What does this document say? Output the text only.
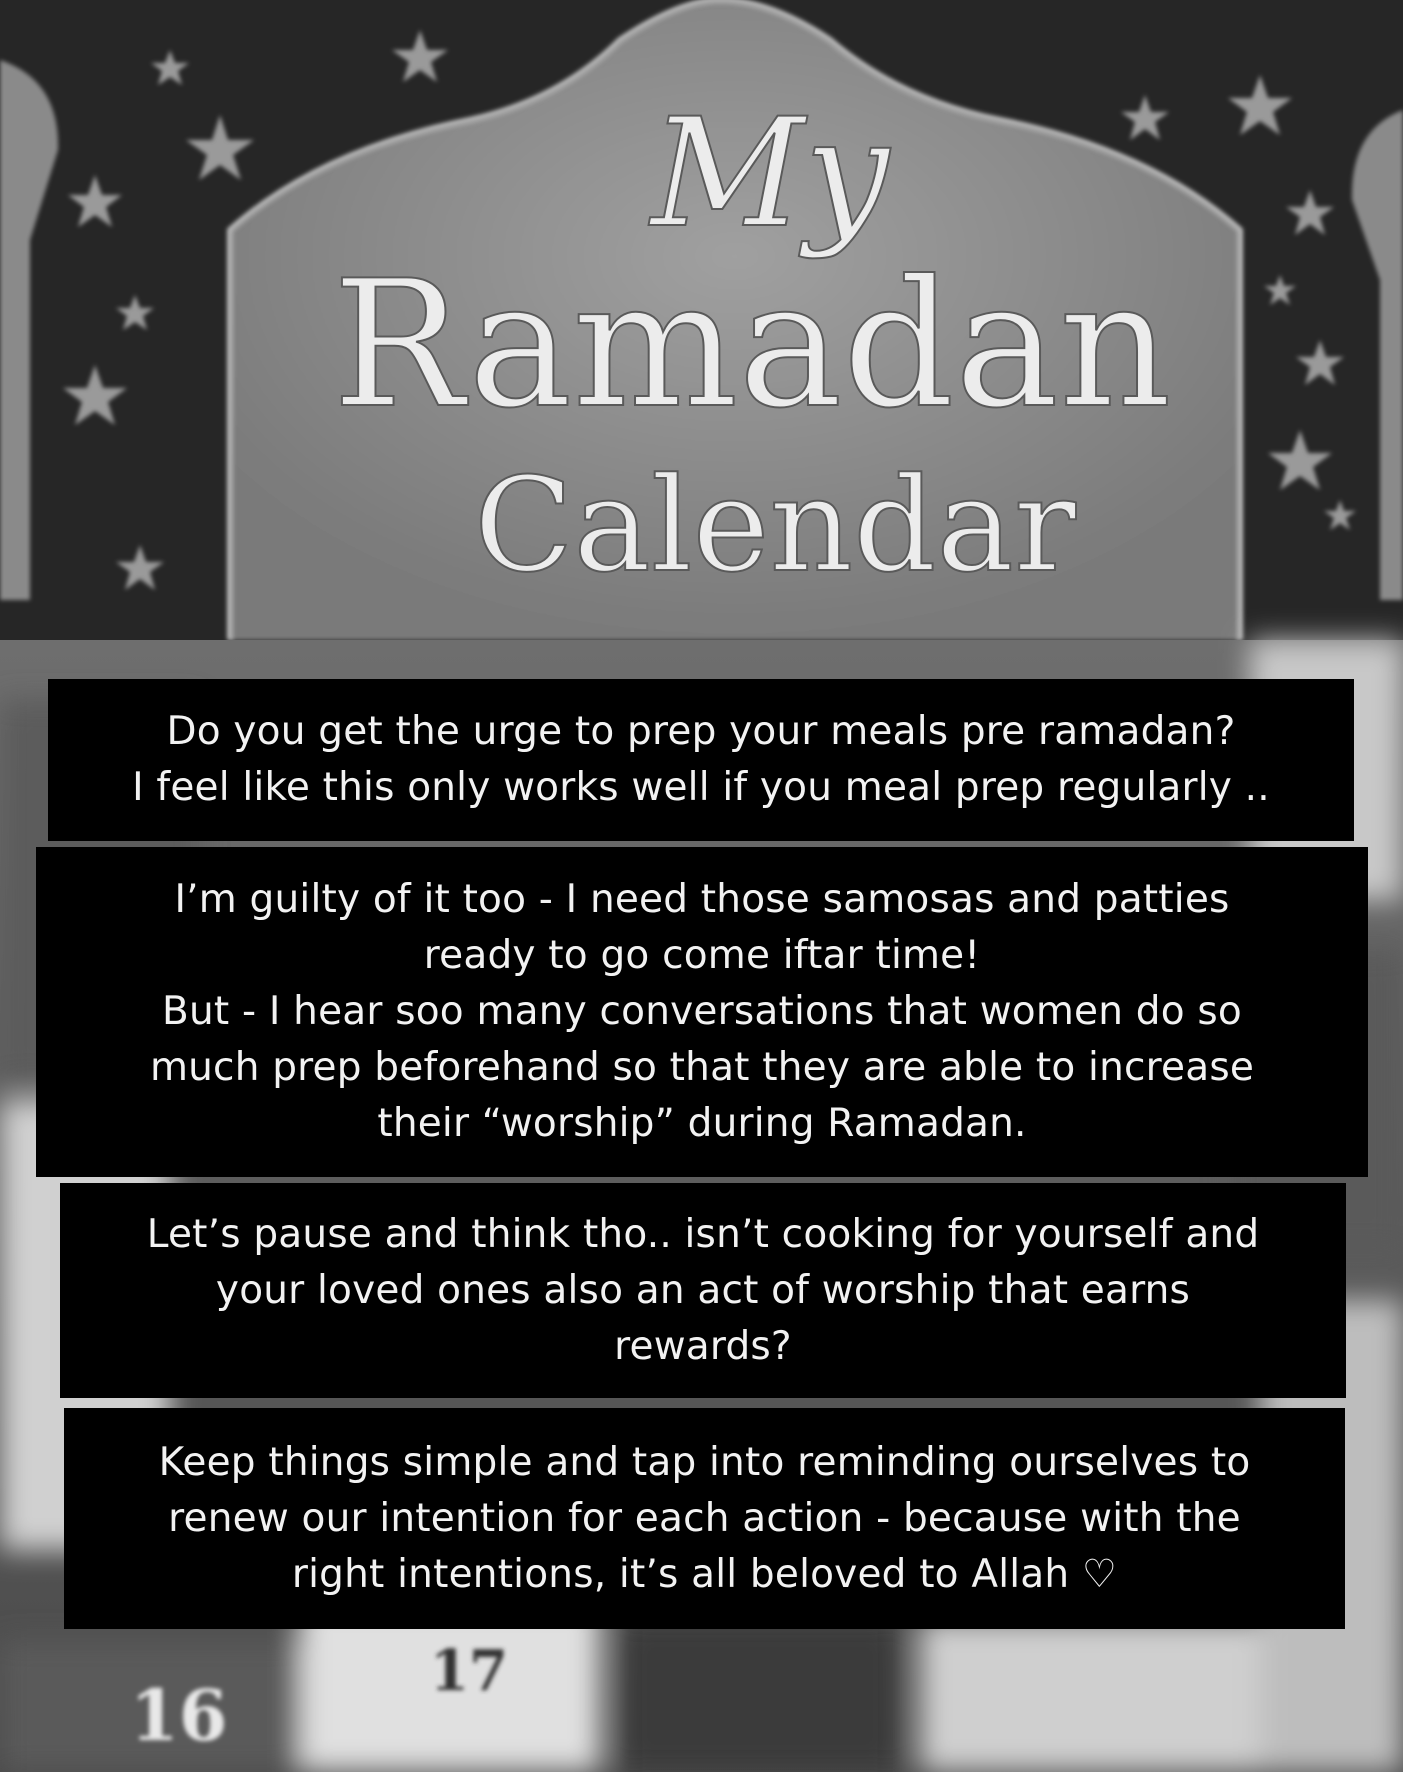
My
Ramadan
Calendar
16
17
Do you get the urge to prep your meals pre ramadan?
I feel like this only works well if you meal prep regularly ..
I’m guilty of it too - I need those samosas and patties
ready to go come iftar time!
But - I hear soo many conversations that women do so
much prep beforehand so that they are able to increase
their “worship” during Ramadan.
Let’s pause and think tho.. isn’t cooking for yourself and
your loved ones also an act of worship that earns
rewards?
Keep things simple and tap into reminding ourselves to
renew our intention for each action - because with the
right intentions, it’s all beloved to Allah ♡
